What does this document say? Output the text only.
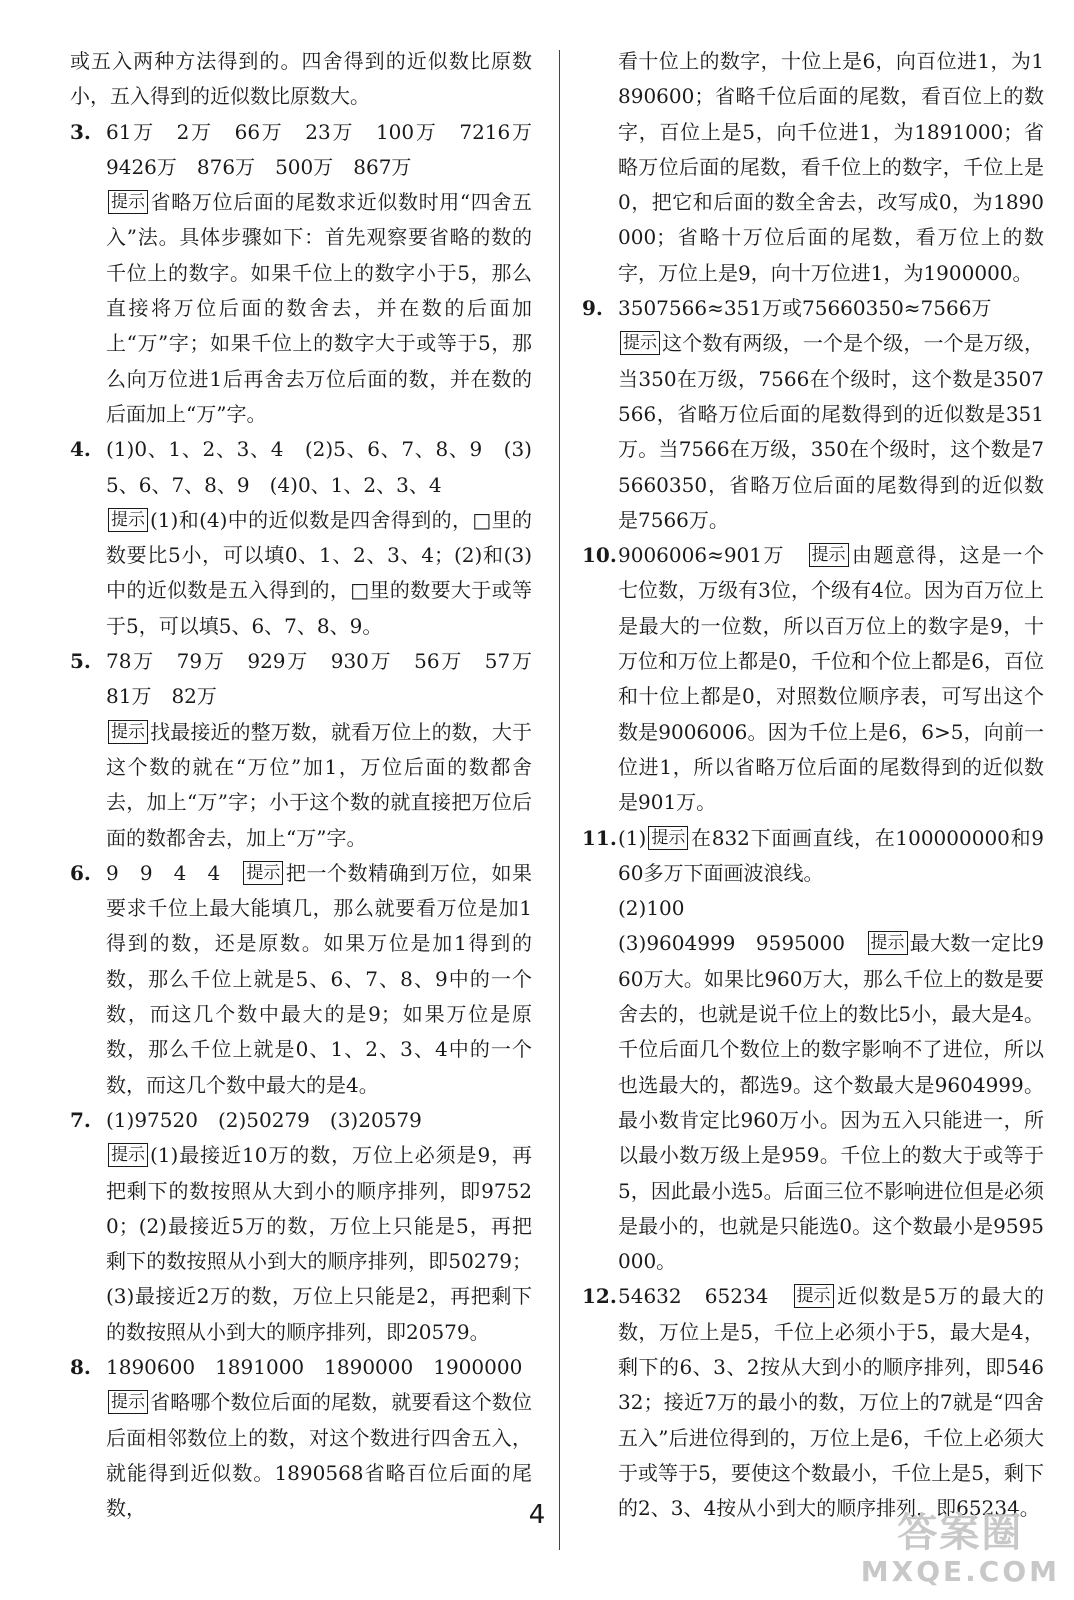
或五入两种方法得到的。四舍得到的近似数比原数小，五入得到的近似数比原数大。
3. 61万　2万　66万　23万　100万　7216万　9426万　876万　500万　867万
提示 省略万位后面的尾数求近似数时用“四舍五入”法。具体步骤如下：首先观察要省略的数的千位上的数字。如果千位上的数字小于5，那么直接将万位后面的数舍去，并在数的后面加上“万”字；如果千位上的数字大于或等于5，那么向万位进1后再舍去万位后面的数，并在数的后面加上“万”字。
4. (1)0、1、2、3、4　(2)5、6、7、8、9　(3)5、6、7、8、9　(4)0、1、2、3、4
提示 (1)和(4)中的近似数是四舍得到的，□里的数要比5小，可以填0、1、2、3、4；(2)和(3)中的近似数是五入得到的，□里的数要大于或等于5，可以填5、6、7、8、9。
5. 78万　79万　929万　930万　56万　57万　81万　82万
提示 找最接近的整万数，就看万位上的数，大于这个数的就在“万位”加1，万位后面的数都舍去，加上“万”字；小于这个数的就直接把万位后面的数都舍去，加上“万”字。
6. 9　9　4　4　提示 把一个数精确到万位，如果要求千位上最大能填几，那么就要看万位是加1得到的数，还是原数。如果万位是加1得到的数，那么千位上就是5、6、7、8、9中的一个数，而这几个数中最大的是9；如果万位是原数，那么千位上就是0、1、2、3、4中的一个数，而这几个数中最大的是4。
7. (1)97520　(2)50279　(3)20579
提示 (1)最接近10万的数，万位上必须是9，再把剩下的数按照从大到小的顺序排列，即97520；(2)最接近5万的数，万位上只能是5，再把剩下的数按照从小到大的顺序排列，即50279；(3)最接近2万的数，万位上只能是2，再把剩下的数按照从小到大的顺序排列，即20579。
8. 1890600　1891000　1890000　1900000
提示 省略哪个数位后面的尾数，就要看这个数位后面相邻数位上的数，对这个数进行四舍五入，就能得到近似数。1890568省略百位后面的尾数，
看十位上的数字，十位上是6，向百位进1，为1890600；省略千位后面的尾数，看百位上的数字，百位上是5，向千位进1，为1891000；省略万位后面的尾数，看千位上的数字，千位上是0，把它和后面的数全舍去，改写成0，为1890000；省略十万位后面的尾数，看万位上的数字，万位上是9，向十万位进1，为1900000。
9. 3507566≈351万或75660350≈7566万
提示 这个数有两级，一个是个级，一个是万级，当350在万级，7566在个级时，这个数是3507566，省略万位后面的尾数得到的近似数是351万。当7566在万级，350在个级时，这个数是75660350，省略万位后面的尾数得到的近似数是7566万。
10. 9006006≈901万　提示 由题意得，这是一个七位数，万级有3位，个级有4位。因为百万位上是最大的一位数，所以百万位上的数字是9，十万位和万位上都是0，千位和个位上都是6，百位和十位上都是0，对照数位顺序表，可写出这个数是9006006。因为千位上是6，6>5，向前一位进1，所以省略万位后面的尾数得到的近似数是901万。
11. (1) 提示 在832下面画直线，在100000000和960多万下面画波浪线。
(2)100
(3)9604999　9595000　提示 最大数一定比960万大。如果比960万大，那么千位上的数是要舍去的，也就是说千位上的数比5小，最大是4。千位后面几个数位上的数字影响不了进位，所以也选最大的，都选9。这个数最大是9604999。最小数肯定比960万小。因为五入只能进一，所以最小数万级上是959。千位上的数大于或等于5，因此最小选5。后面三位不影响进位但是必须是最小的，也就是只能选0。这个数最小是9595000。
12. 54632　65234　提示 近似数是5万的最大的数，万位上是5，千位上必须小于5，最大是4，剩下的6、3、2按从大到小的顺序排列，即54632；接近7万的最小的数，万位上的7就是“四舍五入”后进位得到的，万位上是6，千位上必须大于或等于5，要使这个数最小，千位上是5，剩下的2、3、4按从小到大的顺序排列，即65234。
4	答案圈
MXQE.COM
